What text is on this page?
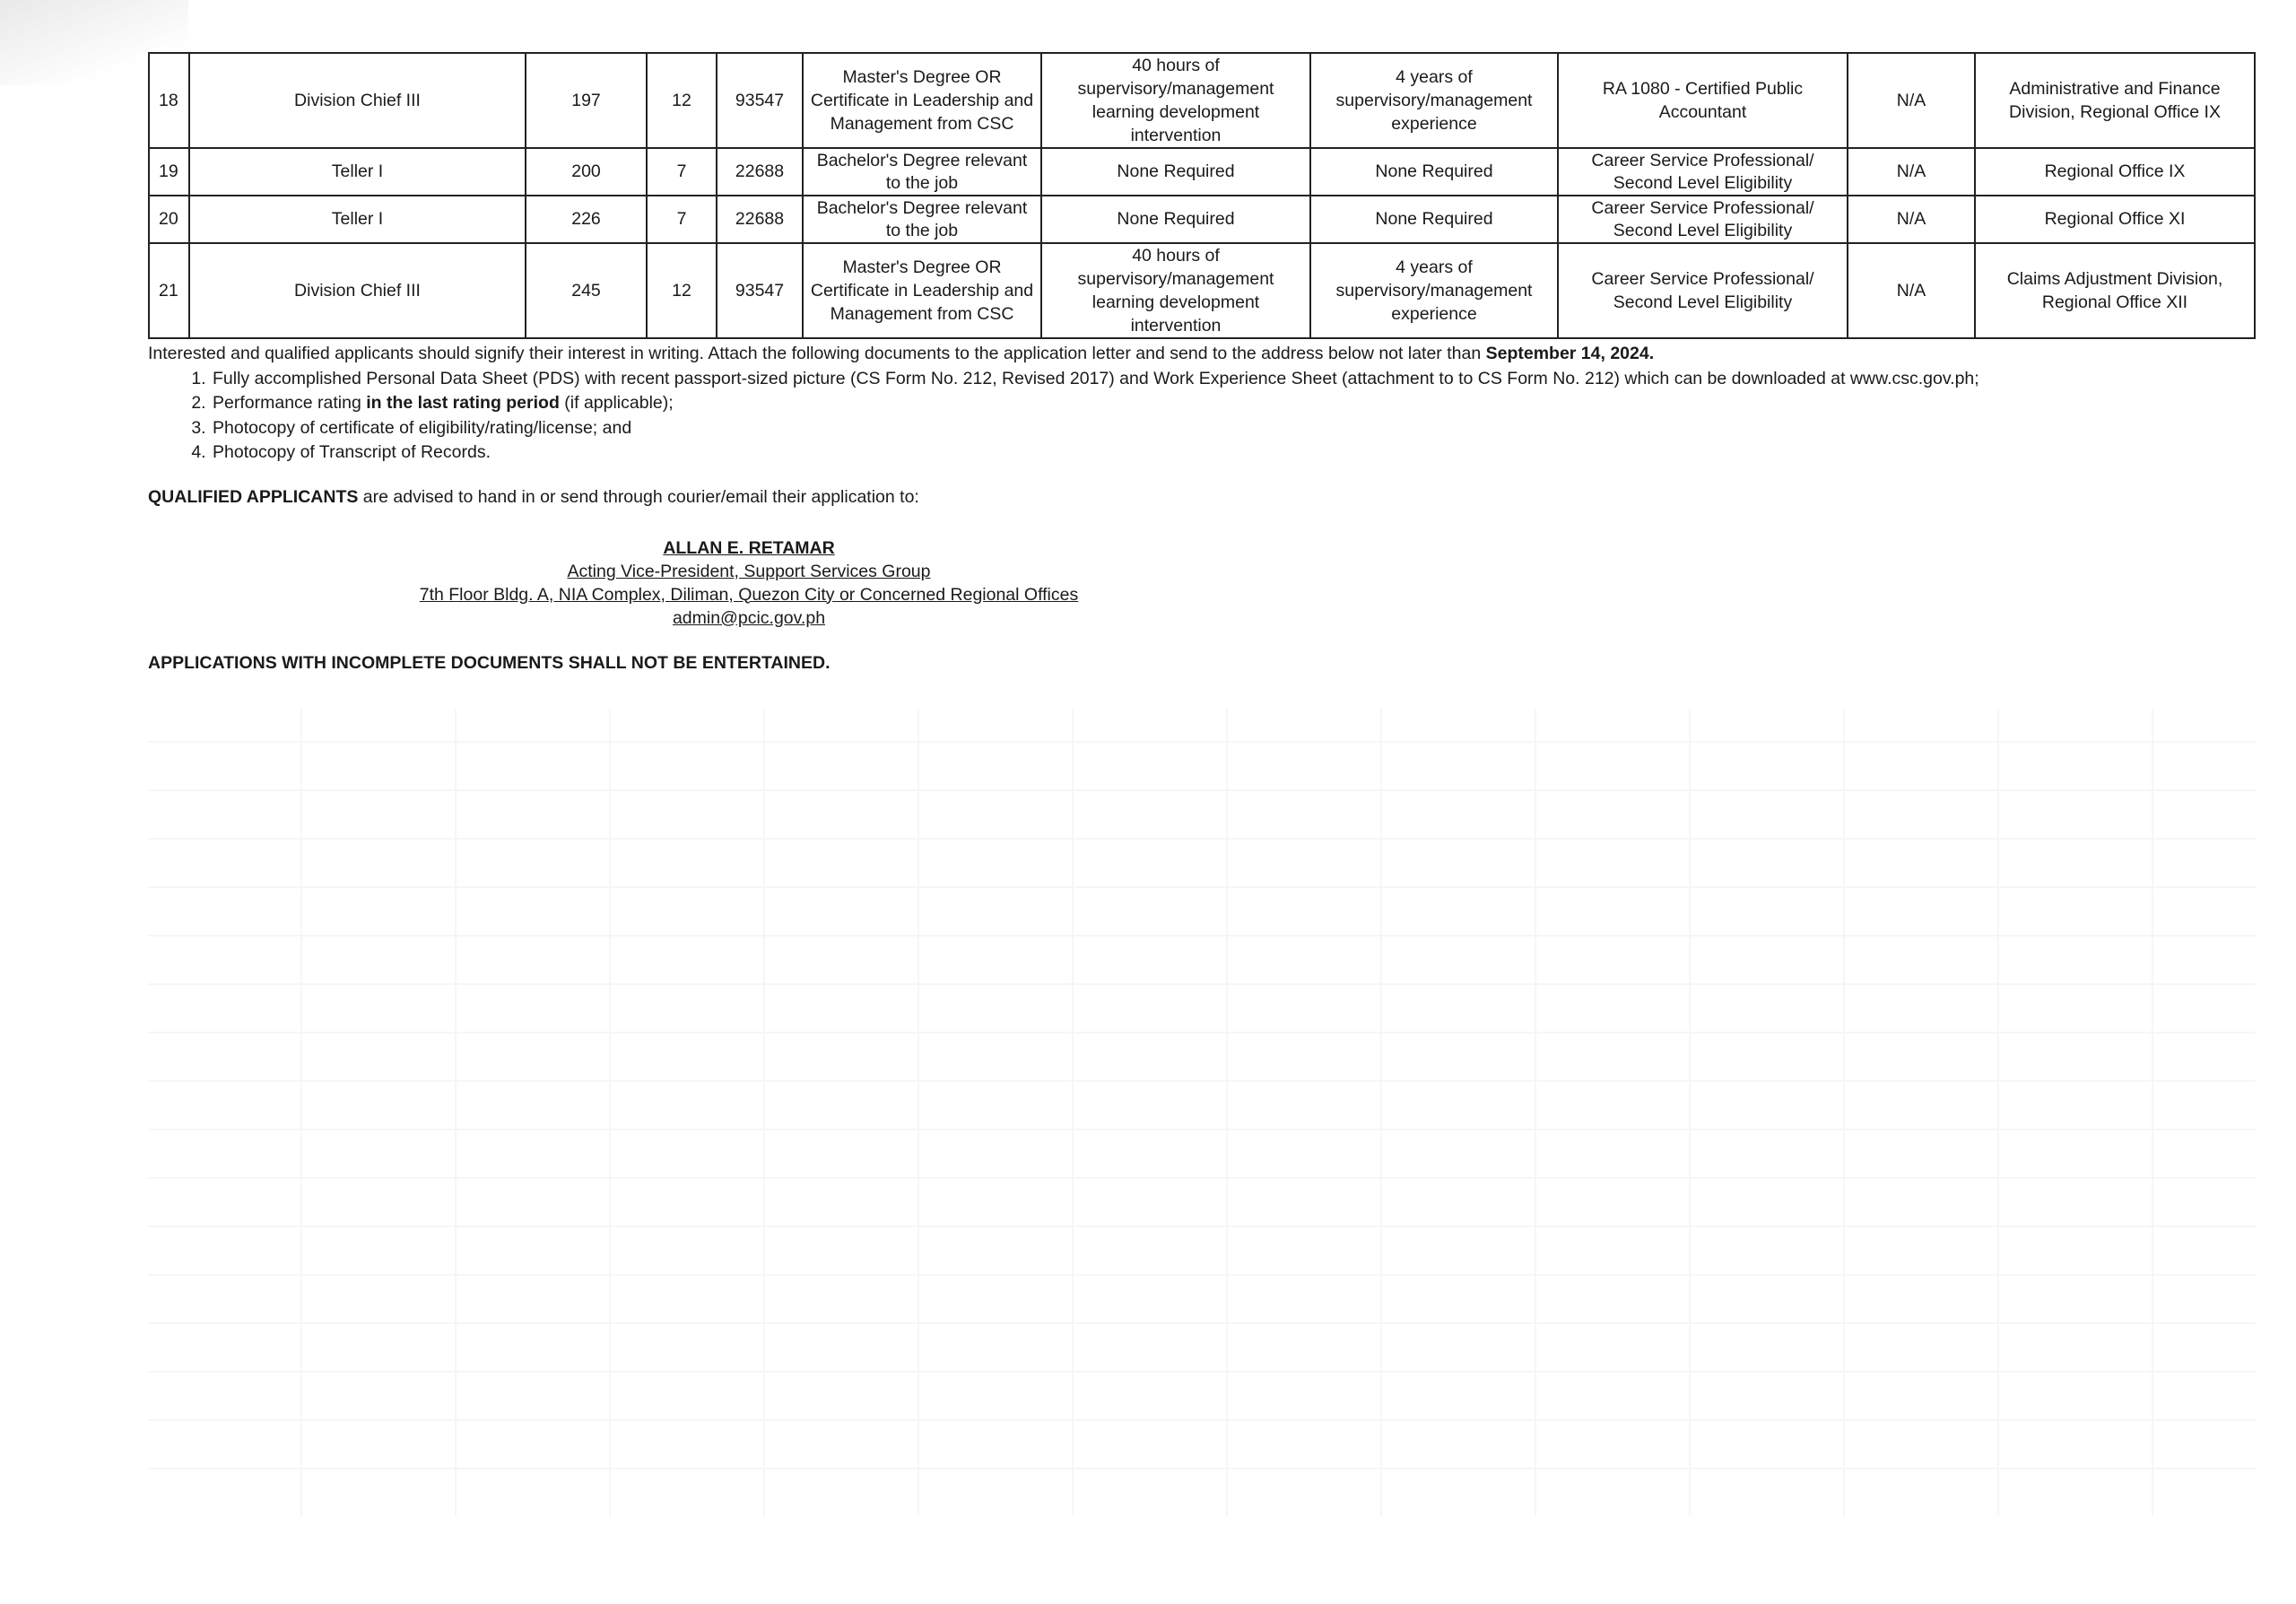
18	Division Chief III	197	12	93547	Master's Degree OR Certificate in Leadership and Management from CSC	40 hours of supervisory/management learning development intervention	4 years of supervisory/management experience	RA 1080 - Certified Public Accountant	N/A	Administrative and Finance Division, Regional Office IX
19	Teller I	200	7	22688	Bachelor's Degree relevant to the job	None Required	None Required	Career Service Professional/ Second Level Eligibility	N/A	Regional Office IX
20	Teller I	226	7	22688	Bachelor's Degree relevant to the job	None Required	None Required	Career Service Professional/ Second Level Eligibility	N/A	Regional Office XI
21	Division Chief III	245	12	93547	Master's Degree OR Certificate in Leadership and Management from CSC	40 hours of supervisory/management learning development intervention	4 years of supervisory/management experience	Career Service Professional/ Second Level Eligibility	N/A	Claims Adjustment Division, Regional Office XII

Interested and qualified applicants should signify their interest in writing. Attach the following documents to the application letter and send to the address below not later than September 14, 2024.

1. Fully accomplished Personal Data Sheet (PDS) with recent passport-sized picture (CS Form No. 212, Revised 2017) and Work Experience Sheet (attachment to to CS Form No. 212) which can be downloaded at www.csc.gov.ph;
2. Performance rating in the last rating period (if applicable);
3. Photocopy of certificate of eligibility/rating/license; and
4. Photocopy of Transcript of Records.
QUALIFIED APPLICANTS are advised to hand in or send through courier/email their application to:
ALLAN E. RETAMAR
Acting Vice-President, Support Services Group
7th Floor Bldg. A, NIA Complex, Diliman, Quezon City or Concerned Regional Offices
admin@pcic.gov.ph
APPLICATIONS WITH INCOMPLETE DOCUMENTS SHALL NOT BE ENTERTAINED.
